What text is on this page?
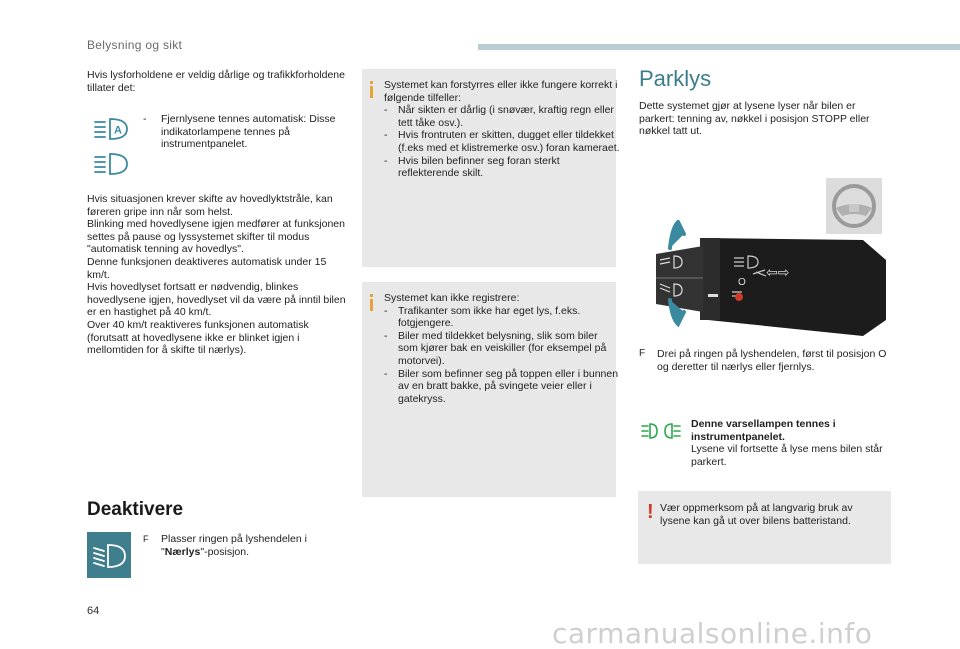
Belysning og sikt
Hvis lysforholdene er veldig dårlige og trafikkforholdene tillater det:
A
- Fjernlysene tennes automatisk: Disse indikatorlampene tennes på instrumentpanelet.
Hvis situasjonen krever skifte av hovedlyktstråle, kan føreren gripe inn når som helst.
Blinking med hovedlysene igjen medfører at funksjonen settes på pause og lyssystemet skifter til modus "automatisk tenning av hovedlys".
Denne funksjonen deaktiveres automatisk under 15 km/t.
Hvis hovedlyset fortsatt er nødvendig, blinkes hovedlysene igjen, hovedlyset vil da være på inntil bilen er en hastighet på 40 km/t.
Over 40 km/t reaktiveres funksjonen automatisk (forutsatt at hovedlysene ikke er blinket igjen i mellomtiden for å skifte til nærlys).
Deaktivere
F Plasser ringen på lyshendelen i "Nærlys"-posisjon.
Systemet kan forstyrres eller ikke fungere korrekt i følgende tilfeller:
- Når sikten er dårlig (i snøvær, kraftig regn eller tett tåke osv.).
- Hvis frontruten er skitten, dugget eller tildekket (f.eks med et klistremerke osv.) foran kameraet.
- Hvis bilen befinner seg foran sterkt reflekterende skilt.
Systemet kan ikke registrere:
- Trafikanter som ikke har eget lys, f.eks. fotgjengere.
- Biler med tildekket belysning, slik som biler som kjører bak en veiskiller (for eksempel på motorvei).
- Biler som befinner seg på toppen eller i bunnen av en bratt bakke, på svingete veier eller i gatekryss.
Parklys
Dette systemet gjør at lysene lyser når bilen er parkert: tenning av, nøkkel i posisjon STOPP eller nøkkel tatt ut.
⇦⇨
O
F Drei på ringen på lyshendelen, først til posisjon O og deretter til nærlys eller fjernlys.
Denne varsellampen tennes i instrumentpanelet.
Lysene vil fortsette å lyse mens bilen står parkert.
! Vær oppmerksom på at langvarig bruk av lysene kan gå ut over bilens batteristand.
64
carmanualsonline.info
